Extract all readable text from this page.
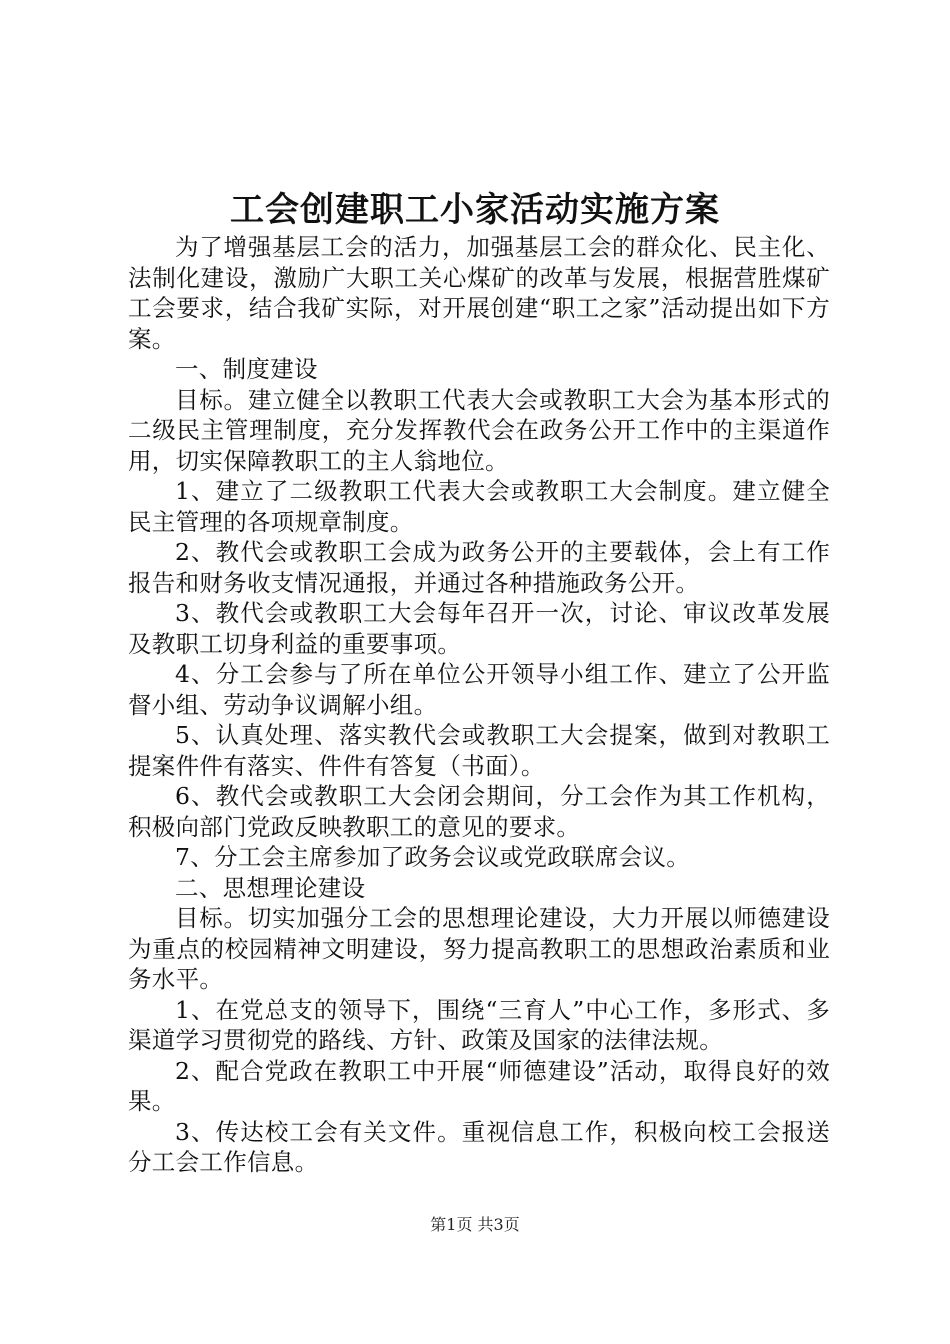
工会创建职工小家活动实施方案

为了增强基层工会的活力，加强基层工会的群众化、民主化、法制化建设，激励广大职工关心煤矿的改革与发展，根据营胜煤矿工会要求，结合我矿实际，对开展创建“职工之家”活动提出如下方案。

一、制度建设

目标。建立健全以教职工代表大会或教职工大会为基本形式的二级民主管理制度，充分发挥教代会在政务公开工作中的主渠道作用，切实保障教职工的主人翁地位。

1、建立了二级教职工代表大会或教职工大会制度。建立健全民主管理的各项规章制度。

2、教代会或教职工会成为政务公开的主要载体，会上有工作报告和财务收支情况通报，并通过各种措施政务公开。

3、教代会或教职工大会每年召开一次，讨论、审议改革发展及教职工切身利益的重要事项。

4、分工会参与了所在单位公开领导小组工作、建立了公开监督小组、劳动争议调解小组。

5、认真处理、落实教代会或教职工大会提案，做到对教职工提案件件有落实、件件有答复（书面）。

6、教代会或教职工大会闭会期间，分工会作为其工作机构，积极向部门党政反映教职工的意见的要求。

7、分工会主席参加了政务会议或党政联席会议。

二、思想理论建设

目标。切实加强分工会的思想理论建设，大力开展以师德建设为重点的校园精神文明建设，努力提高教职工的思想政治素质和业务水平。

1、在党总支的领导下，围绕“三育人”中心工作，多形式、多渠道学习贯彻党的路线、方针、政策及国家的法律法规。

2、配合党政在教职工中开展“师德建设”活动，取得良好的效果。

3、传达校工会有关文件。重视信息工作，积极向校工会报送分工会工作信息。

第1页 共3页
